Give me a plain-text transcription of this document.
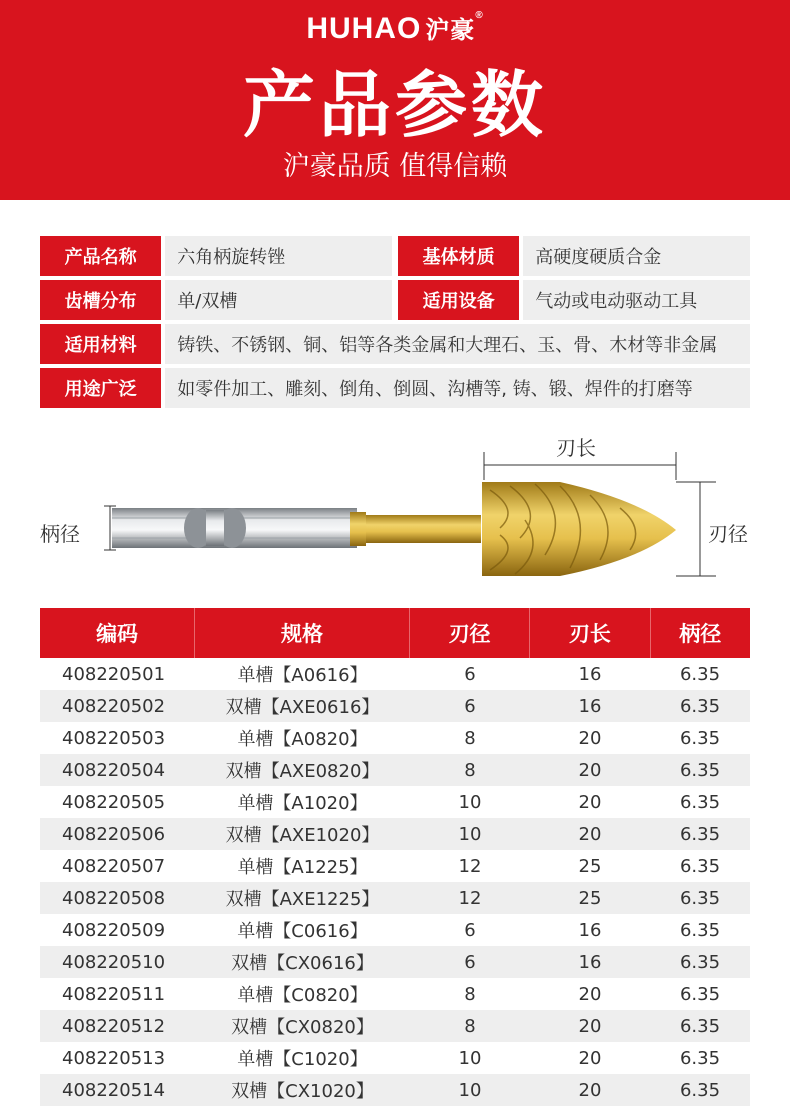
HUHAO 沪豪®
产品参数
沪豪品质 值得信赖
产品名称	六角柄旋转锉	基体材质	高硬度硬质合金
齿槽分布	单/双槽	适用设备	气动或电动驱动工具
适用材料	铸铁、不锈钢、铜、铝等各类金属和大理石、玉、骨、木材等非金属
用途广泛	如零件加工、雕刻、倒角、倒圆、沟槽等, 铸、锻、焊件的打磨等
刃长
刃径
柄径
编码	规格	刃径	刃长	柄径
408220501	单槽【A0616】	6	16	6.35
408220502	双槽【AXE0616】	6	16	6.35
408220503	单槽【A0820】	8	20	6.35
408220504	双槽【AXE0820】	8	20	6.35
408220505	单槽【A1020】	10	20	6.35
408220506	双槽【AXE1020】	10	20	6.35
408220507	单槽【A1225】	12	25	6.35
408220508	双槽【AXE1225】	12	25	6.35
408220509	单槽【C0616】	6	16	6.35
408220510	双槽【CX0616】	6	16	6.35
408220511	单槽【C0820】	8	20	6.35
408220512	双槽【CX0820】	8	20	6.35
408220513	单槽【C1020】	10	20	6.35
408220514	双槽【CX1020】	10	20	6.35
